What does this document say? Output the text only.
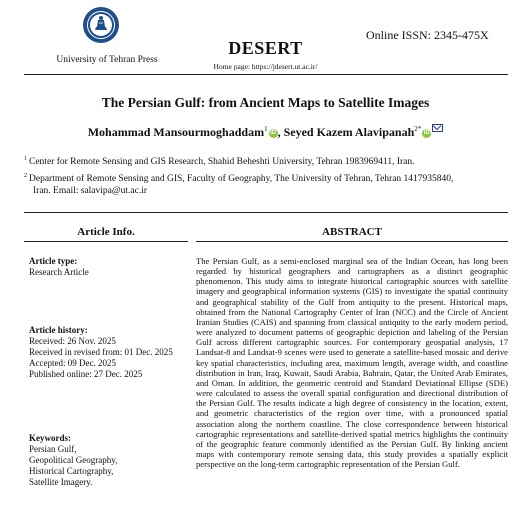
University of Tehran Press
DESERT
Home page: https://jdesert.ut.ac.ir/
Online ISSN: 2345-475X
The Persian Gulf: from Ancient Maps to Satellite Images
Mohammad Mansourmoghaddam$^1$ iD , Seyed Kazem Alavipanah$^{2*}$ iD
$^1$ Center for Remote Sensing and GIS Research, Shahid Beheshti University, Tehran 1983969411, Iran.
$^2$ Department of Remote Sensing and GIS, Faculty of Geography, The University of Tehran, Tehran 1417935840,
Iran. Email: salavipa@ut.ac.ir
Article Info.	ABSTRACT
Article type:
Research Article
Article history:
Received: 26 Nov. 2025
Received in revised from: 01 Dec. 2025
Accepted: 09 Dec. 2025
Published online: 27 Dec. 2025
Keywords:
Persian Gulf,
Geopolitical Geography,
Historical Cartography,
Satellite Imagery.
The Persian Gulf, as a semi-enclosed marginal sea of the Indian Ocean, has long been regarded by historical geographers and cartographers as a distinct geographic phenomenon. This study aims to integrate historical cartographic sources with satellite imagery and geographical information systems (GIS) to investigate the spatial continuity and geographical stability of the Gulf from antiquity to the present. Historical maps, obtained from the National Cartography Center of Iran (NCC) and the Circle of Ancient Iranian Studies (CAIS) and spanning from classical antiquity to the early modern period, were analyzed to document patterns of geographic depiction and labeling of the Persian Gulf across different cartographic sources. For contemporary geospatial analysis, 17 Landsat-8 and Landsat-9 scenes were used to generate a satellite-based mosaic and derive key spatial characteristics, including area, maximum length, average width, and coastline distribution in Iran, Iraq, Kuwait, Saudi Arabia, Bahrain, Qatar, the United Arab Emirates, and Oman. In addition, the geometric centroid and Standard Deviational Ellipse (SDE) were calculated to assess the overall spatial configuration and directional distribution of the Persian Gulf. The results indicate a high degree of consistency in the location, extent, and geometric characteristics of the region over time, with a pronounced spatial association along the northern coastline. The close correspondence between historical cartographic representations and satellite-derived spatial metrics highlights the continuity of the geographic feature commonly identified as the Persian Gulf. By linking ancient maps with contemporary remote sensing data, this study provides a spatially explicit perspective on the long-term cartographic representation of the Persian Gulf.
